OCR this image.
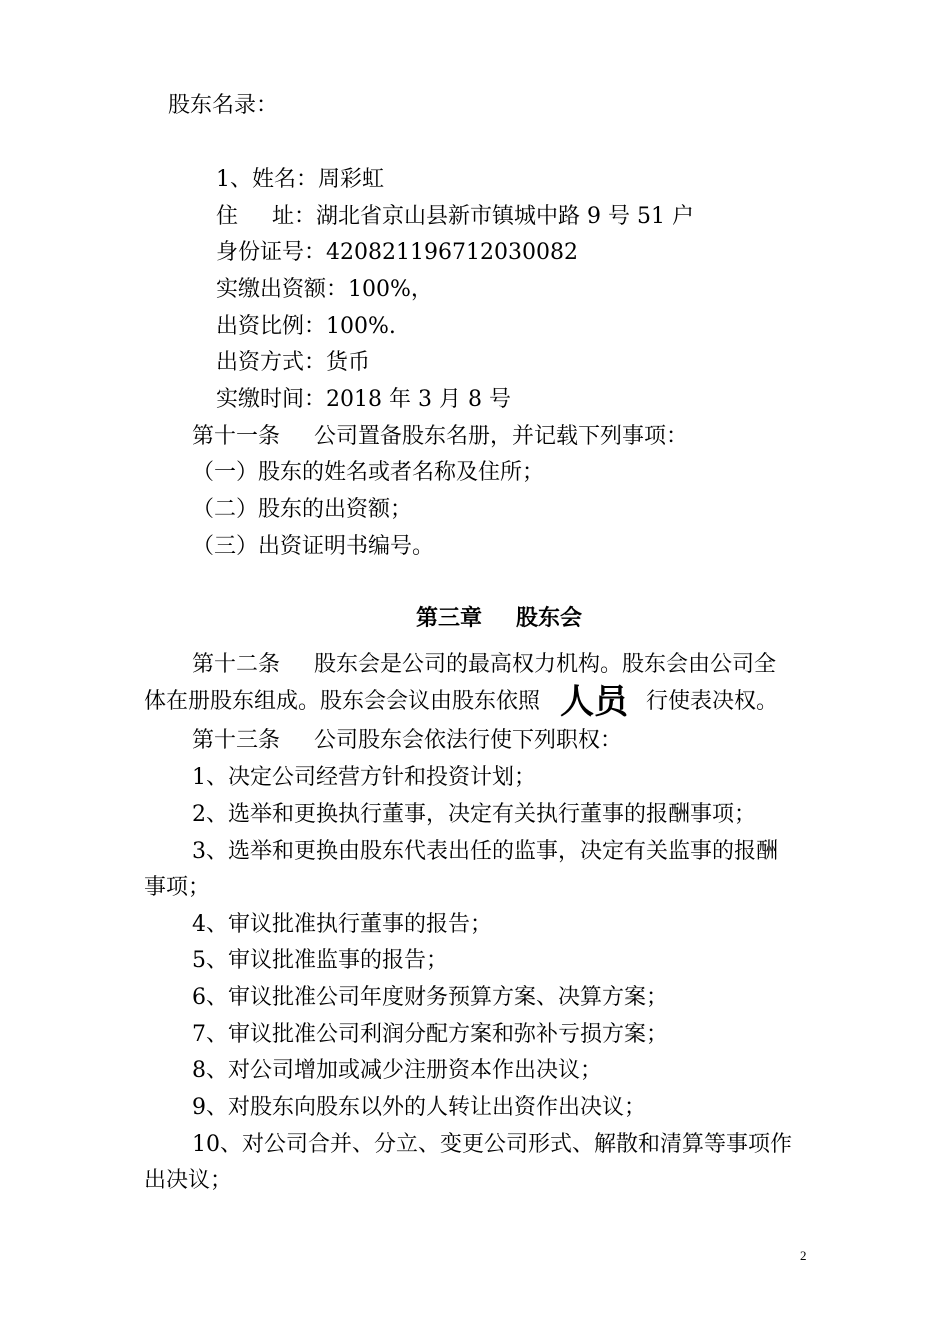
股东名录：
1、姓名：周彩虹
住 址：湖北省京山县新市镇城中路 9 号 51 户
身份证号：420821196712030082
实缴出资额：100%，
出资比例：100%.
出资方式：货币
实缴时间：2018 年 3 月 8 号
第十一条 公司置备股东名册，并记载下列事项：
（一）股东的姓名或者名称及住所；
（二）股东的出资额；
（三）出资证明书编号。
第三章 股东会
第十二条 股东会是公司的最高权力机构。股东会由公司全
体在册股东组成。股东会会议由股东依照 人员 行使表决权。
第十三条 公司股东会依法行使下列职权：
1、决定公司经营方针和投资计划；
2、选举和更换执行董事，决定有关执行董事的报酬事项；
3、选举和更换由股东代表出任的监事，决定有关监事的报酬
事项；
4、审议批准执行董事的报告；
5、审议批准监事的报告；
6、审议批准公司年度财务预算方案、决算方案；
7、审议批准公司利润分配方案和弥补亏损方案；
8、对公司增加或减少注册资本作出决议；
9、对股东向股东以外的人转让出资作出决议；
10、对公司合并、分立、变更公司形式、解散和清算等事项作
出决议；
2
